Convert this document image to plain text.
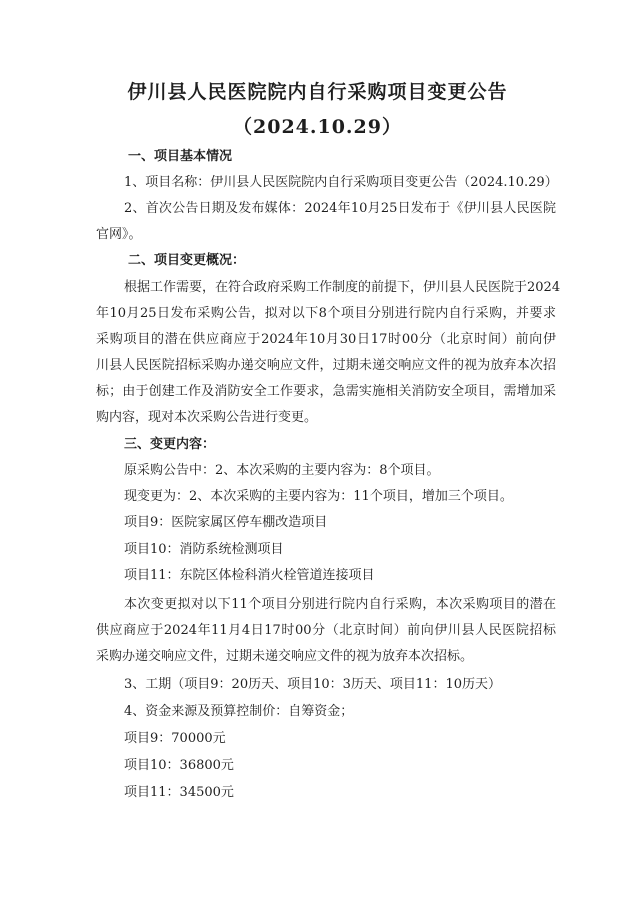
伊川县人民医院院内自行采购项目变更公告
（2024.10.29）

一、项目基本情况

1、项目名称：伊川县人民医院院内自行采购项目变更公告（2024.10.29）

2、首次公告日期及发布媒体：2024年10月25日发布于《伊川县人民医院

官网》。

二、项目变更概况：

根据工作需要，在符合政府采购工作制度的前提下，伊川县人民医院于2024

年10月25日发布采购公告，拟对以下8个项目分别进行院内自行采购，并要求

采购项目的潜在供应商应于2024年10月30日17时00分（北京时间）前向伊

川县人民医院招标采购办递交响应文件，过期未递交响应文件的视为放弃本次招

标；由于创建工作及消防安全工作要求，急需实施相关消防安全项目，需增加采

购内容，现对本次采购公告进行变更。

三、变更内容：

原采购公告中：2、本次采购的主要内容为：8个项目。

现变更为：2、本次采购的主要内容为：11个项目，增加三个项目。

项目9：医院家属区停车棚改造项目

项目10：消防系统检测项目

项目11：东院区体检科消火栓管道连接项目

本次变更拟对以下11个项目分别进行院内自行采购，本次采购项目的潜在

供应商应于2024年11月4日17时00分（北京时间）前向伊川县人民医院招标

采购办递交响应文件，过期未递交响应文件的视为放弃本次招标。

3、工期（项目9：20历天、项目10：3历天、项目11：10历天）

4、资金来源及预算控制价：自筹资金；

项目9：70000元

项目10：36800元

项目11：34500元
